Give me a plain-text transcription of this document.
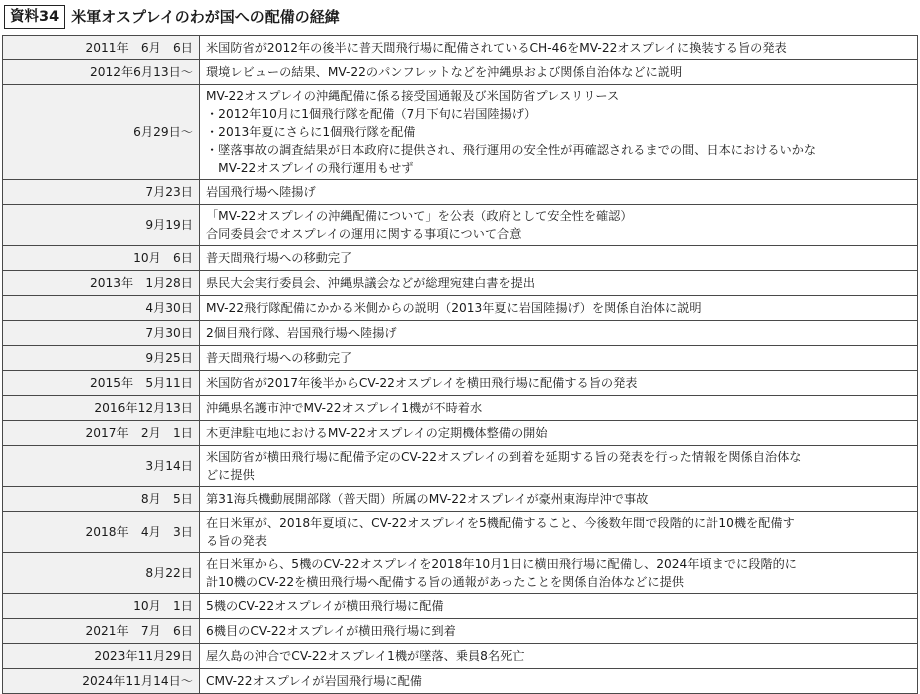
資料34 米軍オスプレイのわが国への配備の経緯
2011年　6月　6日	米国防省が2012年の後半に普天間飛行場に配備されているCH-46をMV-22オスプレイに換装する旨の発表

2012年6月13日～	環境レビューの結果、MV-22のパンフレットなどを沖縄県および関係自治体などに説明

6月29日～	MV-22オスプレイの沖縄配備に係る接受国通報及び米国防省プレスリリース
・2012年10月に1個飛行隊を配備（7月下旬に岩国陸揚げ）
・2013年夏にさらに1個飛行隊を配備
・墜落事故の調査結果が日本政府に提供され、飛行運用の安全性が再確認されるまでの間、日本におけるいかな
　MV-22オスプレイの飛行運用もせず

7月23日	岩国飛行場へ陸揚げ

9月19日	「MV-22オスプレイの沖縄配備について」を公表（政府として安全性を確認）
合同委員会でオスプレイの運用に関する事項について合意

10月　6日	普天間飛行場への移動完了

2013年　1月28日	県民大会実行委員会、沖縄県議会などが総理宛建白書を提出

4月30日	MV-22飛行隊配備にかかる米側からの説明（2013年夏に岩国陸揚げ）を関係自治体に説明

7月30日	2個目飛行隊、岩国飛行場へ陸揚げ

9月25日	普天間飛行場への移動完了

2015年　5月11日	米国防省が2017年後半からCV-22オスプレイを横田飛行場に配備する旨の発表

2016年12月13日	沖縄県名護市沖でMV-22オスプレイ1機が不時着水

2017年　2月　1日	木更津駐屯地におけるMV-22オスプレイの定期機体整備の開始

3月14日	米国防省が横田飛行場に配備予定のCV-22オスプレイの到着を延期する旨の発表を行った情報を関係自治体な
どに提供

8月　5日	第31海兵機動展開部隊（普天間）所属のMV-22オスプレイが豪州東海岸沖で事故

2018年　4月　3日	在日米軍が、2018年夏頃に、CV-22オスプレイを5機配備すること、今後数年間で段階的に計10機を配備す
る旨の発表

8月22日	在日米軍から、5機のCV-22オスプレイを2018年10月1日に横田飛行場に配備し、2024年頃までに段階的に
計10機のCV-22を横田飛行場へ配備する旨の通報があったことを関係自治体などに提供

10月　1日	5機のCV-22オスプレイが横田飛行場に配備

2021年　7月　6日	6機目のCV-22オスプレイが横田飛行場に到着

2023年11月29日	屋久島の沖合でCV-22オスプレイ1機が墜落、乗員8名死亡

2024年11月14日～	CMV-22オスプレイが岩国飛行場に配備
